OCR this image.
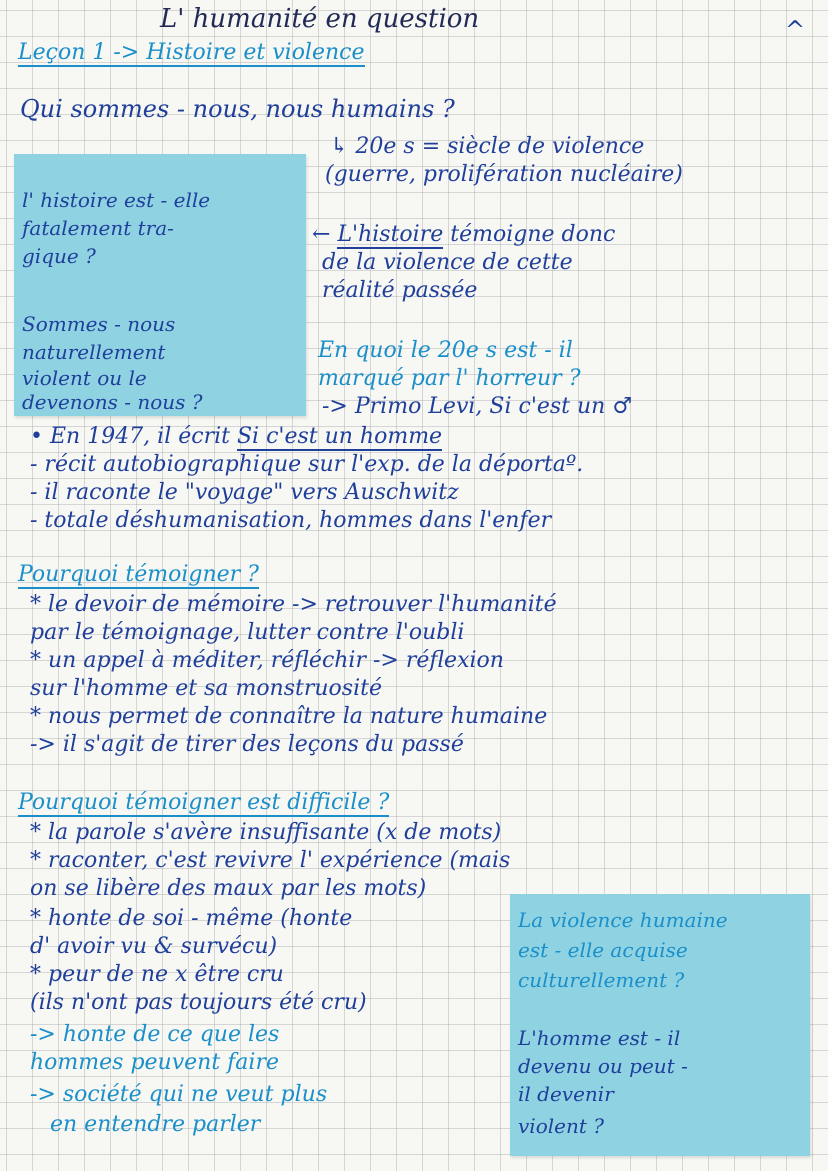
L' humanité en question	^
Leçon 1 -> Histoire et violence
Qui sommes - nous, nous humains ?
↳ 20e s = siècle de violence
(guerre, prolifération nucléaire)
l' histoire est - elle
fatalement tra-
gique ?
Sommes - nous
naturellement
violent ou le
devenons - nous ?
← L'histoire témoigne donc
de la violence de cette
réalité passée
En quoi le 20e s est - il
marqué par l' horreur ?
-> Primo Levi, Si c'est un ♂
• En 1947, il écrit Si c'est un homme
- récit autobiographique sur l'exp. de la déportaº.
- il raconte le "voyage" vers Auschwitz
- totale déshumanisation, hommes dans l'enfer
Pourquoi témoigner ?
* le devoir de mémoire -> retrouver l'humanité
par le témoignage, lutter contre l'oubli
* un appel à méditer, réfléchir -> réflexion
sur l'homme et sa monstruosité
* nous permet de connaître la nature humaine
-> il s'agit de tirer des leçons du passé
Pourquoi témoigner est difficile ?
* la parole s'avère insuffisante (x de mots)
* raconter, c'est revivre l' expérience (mais
on se libère des maux par les mots)
* honte de soi - même (honte
d' avoir vu & survécu)
* peur de ne x être cru
(ils n'ont pas toujours été cru)
-> honte de ce que les
hommes peuvent faire
-> société qui ne veut plus
en entendre parler
La violence humaine
est - elle acquise
culturellement ?
L'homme est - il
devenu ou peut -
il devenir
violent ?
